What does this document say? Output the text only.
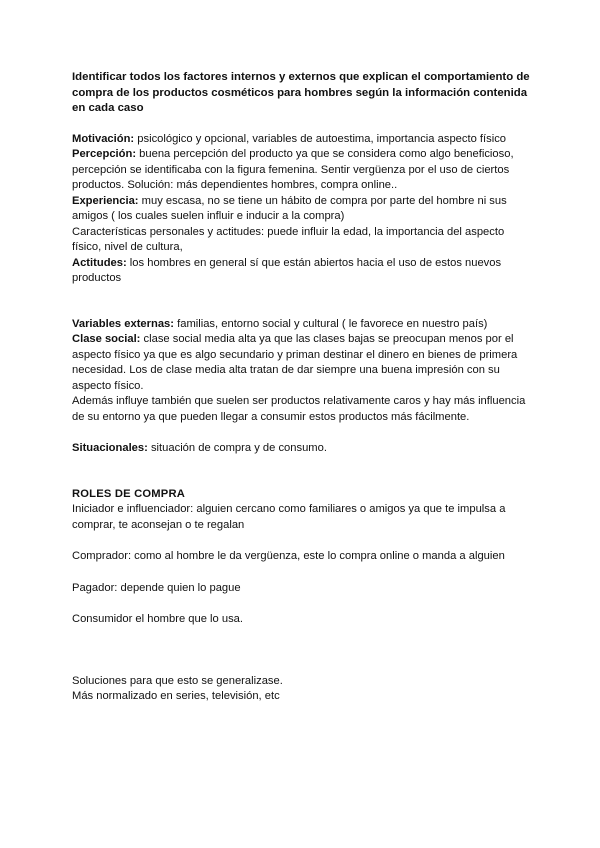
Identificar todos los factores internos y externos que explican el comportamiento de compra de los productos cosméticos para hombres según la información contenida en cada caso

Motivación: psicológico y opcional, variables de autoestima, importancia aspecto físico

Percepción: buena percepción del producto ya que se considera como algo beneficioso, percepción se identificaba con la figura femenina. Sentir vergüenza por el uso de ciertos productos. Solución: más dependientes hombres, compra online..

Experiencia: muy escasa, no se tiene un hábito de compra por parte del hombre ni sus amigos ( los cuales suelen influir e inducir a la compra)

Características personales y actitudes: puede influir la edad, la importancia del aspecto físico, nivel de cultura,

Actitudes: los hombres en general sí que están abiertos hacia el uso de estos nuevos productos

Variables externas: familias, entorno social y cultural ( le favorece en nuestro país)

Clase social: clase social media alta ya que las clases bajas se preocupan menos por el aspecto físico ya que es algo secundario y priman destinar el dinero en bienes de primera necesidad. Los de clase media alta tratan de dar siempre una buena impresión con su aspecto físico.

Además influye también que suelen ser productos relativamente caros y hay más influencia de su entorno ya que pueden llegar a consumir estos productos más fácilmente.

Situacionales: situación de compra y de consumo.

ROLES DE COMPRA

Iniciador e influenciador: alguien cercano como familiares o amigos ya que te impulsa a comprar, te aconsejan o te regalan

Comprador: como al hombre le da vergüenza, este lo compra online o manda a alguien

Pagador: depende quien lo pague

Consumidor el hombre que lo usa.

Soluciones para que esto se generalizase.

Más normalizado en series, televisión, etc
